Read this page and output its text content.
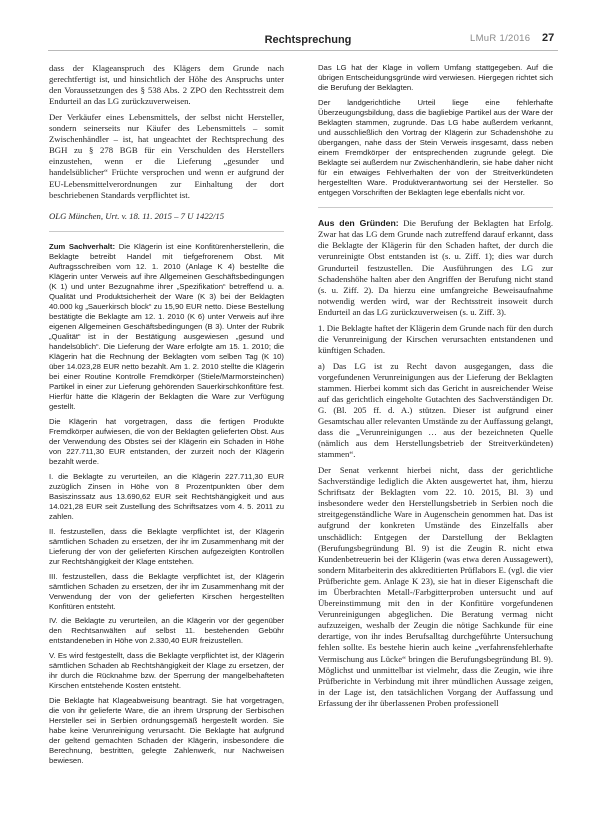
Rechtsprechung	LMuR 1/2016 27

dass der Klageanspruch des Klägers dem Grunde nach gerechtfertigt ist, und hinsichtlich der Höhe des Anspruchs unter den Voraussetzungen des § 538 Abs. 2 ZPO den Rechtsstreit dem Endurteil an das LG zurückzuverweisen.

Der Verkäufer eines Lebensmittels, der selbst nicht Hersteller, sondern seinerseits nur Käufer des Lebensmittels – somit Zwischenhändler – ist, hat ungeachtet der Rechtsprechung des BGH zu § 278 BGB für ein Verschulden des Herstellers einzustehen, wenn er die Lieferung „gesunder und handelsüblicher“ Früchte versprochen und wenn er aufgrund der EU-Lebensmittelverordnungen zur Einhaltung der dort beschriebenen Standards verpflichtet ist.

OLG München, Urt. v. 18. 11. 2015 – 7 U 1422/15

Zum Sachverhalt: Die Klägerin ist eine Konfitürenherstellerin, die Beklagte betreibt Handel mit tiefgefrorenem Obst. Mit Auftragsschreiben vom 12. 1. 2010 (Anlage K 4) bestellte die Klägerin unter Verweis auf ihre Allgemeinen Geschäftsbedingungen (K 1) und unter Bezugnahme ihrer „Spezifikation“ betreffend u. a. Qualität und Produktsicherheit der Ware (K 3) bei der Beklagten 40.000 kg „Sauerkirsch block“ zu 15,90 EUR netto. Diese Bestellung bestätigte die Beklagte am 12. 1. 2010 (K 6) unter Verweis auf ihre eigenen Allgemeinen Geschäftsbedingungen (B 3). Unter der Rubrik „Qualität“ ist in der Bestätigung ausgewiesen „gesund und handelsüblich“. Die Lieferung der Ware erfolgte am 15. 1. 2010; die Klägerin hat die Rechnung der Beklagten vom selben Tag (K 10) über 14.023,28 EUR netto bezahlt. Am 1. 2. 2010 stellte die Klägerin bei einer Routine Kontrolle Fremdkörper (Stiele/Marmorsteinchen) Partikel in einer zur Lieferung gehörenden Sauerkirschkonfitüre fest. Hierfür hätte die Klägerin der Beklagten die Ware zur Verfügung gestellt.

Die Klägerin hat vorgetragen, dass die fertigen Produkte Fremdkörper aufwiesen, die von der Beklagten gelieferten Obst. Aus der Verwendung des Obstes sei der Klägerin ein Schaden in Höhe von 227.711,30 EUR entstanden, der zurzeit noch der Klägerin bezahlt werde.

I. die Beklagte zu verurteilen, an die Klägerin 227.711,30 EUR zuzüglich Zinsen in Höhe von 8 Prozentpunkten über dem Basiszinssatz aus 13.690,62 EUR seit Rechtshängigkeit und aus 14.021,28 EUR seit Zustellung des Schriftsatzes vom 4. 5. 2011 zu zahlen.

II. festzustellen, dass die Beklagte verpflichtet ist, der Klägerin sämtlichen Schaden zu ersetzen, der ihr im Zusammenhang mit der Lieferung der von der gelieferten Kirschen aufgezeigten Kontrollen zur Rechtshängigkeit der Klage entstehen.

III. festzustellen, dass die Beklagte verpflichtet ist, der Klägerin sämtlichen Schaden zu ersetzen, der ihr im Zusammenhang mit der Verwendung der von der gelieferten Kirschen hergestellten Konfitüren entsteht.

IV. die Beklagte zu verurteilen, an die Klägerin vor der gegenüber den Rechtsanwälten auf selbst 11. bestehenden Gebühr entstandeneben in Höhe von 2.330,40 EUR freizustellen.

V. Es wird festgestellt, dass die Beklagte verpflichtet ist, der Klägerin sämtlichen Schaden ab Rechtshängigkeit der Klage zu ersetzen, der ihr durch die Rücknahme bzw. der Sperrung der mangelbehafteten Kirschen entstehende Kosten entsteht.

Die Beklagte hat Klageabweisung beantragt. Sie hat vorgetragen, die von ihr gelieferte Ware, die an ihrem Ursprung der Serbischen Hersteller sei in Serbien ordnungsgemäß hergestellt worden. Sie habe keine Verunreinigung verursacht. Die Beklagte hat aufgrund der geltend gemachten Schaden der Klägerin, insbesondere die Berechnung, bestritten, gelegte Zahlenwerk, nur Nachweisen bewiesen.

Das LG hat der Klage in vollem Umfang stattgegeben. Auf die übrigen Entscheidungsgründe wird verwiesen. Hiergegen richtet sich die Berufung der Beklagten.

Der landgerichtliche Urteil liege eine fehlerhafte Überzeugungsbildung, dass die bagliebige Partikel aus der Ware der Beklagten stammen, zugrunde. Das LG habe außerdem verkannt, und ausschließlich den Vortrag der Klägerin zur Schadenshöhe zu übergangen, nahe dass der Stein Verweis insgesamt, dass neben einem Fremdkörper der entsprechenden zugrunde gelegt. Die Beklagte sei außerdem nur Zwischenhändlerin, sie habe daher nicht für ein etwaiges Fehlverhalten der von der Streitverkündeten hergestellten Ware. Produktverantwortung sei der Hersteller. So entgegen Vorschriften der Beklagten lege ebenfalls nicht vor.

Aus den Gründen: Die Berufung der Beklagten hat Erfolg. Zwar hat das LG dem Grunde nach zutreffend darauf erkannt, dass die Beklagte der Klägerin für den Schaden haftet, der durch die verunreinigte Obst entstanden ist (s. u. Ziff. 1); dies war durch Grundurteil festzustellen. Die Ausführungen des LG zur Schadenshöhe halten aber den Angriffen der Berufung nicht stand (s. u. Ziff. 2). Da hierzu eine umfangreiche Beweisaufnahme notwendig werden wird, war der Rechtsstreit insoweit durch Endurteil an das LG zurückzuverweisen (s. u. Ziff. 3).

1. Die Beklagte haftet der Klägerin dem Grunde nach für den durch die Verunreinigung der Kirschen verursachten entstandenen und künftigen Schaden.

a) Das LG ist zu Recht davon ausgegangen, dass die vorgefundenen Verunreinigungen aus der Lieferung der Beklagten stammen. Hierbei kommt sich das Gericht in ausreichender Weise auf das gerichtlich eingeholte Gutachten des Sachverständigen Dr. G. (Bl. 205 ff. d. A.) stützen. Dieser ist aufgrund einer Gesamtschau aller relevanten Umstände zu der Auffassung gelangt, dass die „Verunreinigungen … aus der bezeichneten Quelle (nämlich aus dem Herstellungsbetrieb der Streitverkündeten) stammen“.

Der Senat verkennt hierbei nicht, dass der gerichtliche Sachverständige lediglich die Akten ausgewertet hat, ihm, hierzu Schriftsatz der Beklagten vom 22. 10. 2015, Bl. 3) und insbesondere weder den Herstellungsbetrieb in Serbien noch die streitgegenständliche Ware in Augenschein genommen hat. Das ist aufgrund der konkreten Umstände des Einzelfalls aber unschädlich: Entgegen der Darstellung der Beklagten (Berufungsbegründung Bl. 9) ist die Zeugin R. nicht etwa Kundenbetreuerin bei der Klägerin (was etwa deren Aussagewert), sondern Mitarbeiterin des akkreditierten Prüflabors E. (vgl. die vier Prüfberichte gem. Anlage K 23), sie hat in dieser Eigenschaft die im Überbrachten Metall-/Farbgitterproben untersucht und auf Übereinstimmung mit den in der Konfitüre vorgefundenen Verunreinigungen abgeglichen. Die Beratung vermag nicht aufzuzeigen, weshalb der Zeugin die nötige Sachkunde für eine derartige, von ihr indes Berufsalltag durchgeführte Untersuchung fehlen sollte. Es bestehe hierin auch keine „verfahrensfehlerhafte Vermischung aus Lücke“ bringen die Berufungsbegründung Bl. 9). Möglichst und unmittelbar ist vielmehr, dass die Zeugin, wie ihre Prüfberichte in Verbindung mit ihrer mündlichen Aussage zeigen, in der Lage ist, den tatsächlichen Vorgang der Auffassung und Erfassung der ihr überlassenen Proben professionell
